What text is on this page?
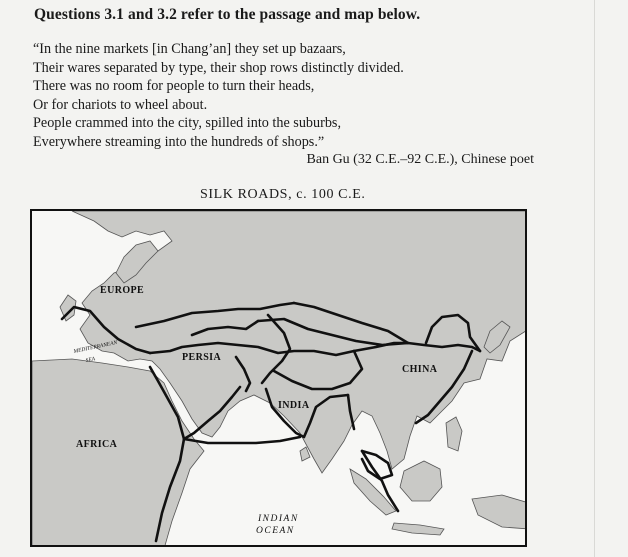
Questions 3.1 and 3.2 refer to the passage and map below.
“In the nine markets [in Chang’an] they set up bazaars,
Their wares separated by type, their shop rows distinctly divided.
There was no room for people to turn their heads,
Or for chariots to wheel about.
People crammed into the city, spilled into the suburbs,
Everywhere streaming into the hundreds of shops.”
Ban Gu (32 C.E.–92 C.E.), Chinese poet
SILK ROADS, c. 100 C.E.
EUROPE
PERSIA
CHINA
INDIA
AFRICA
MEDITERRANEAN
SEA
INDIAN
OCEAN
